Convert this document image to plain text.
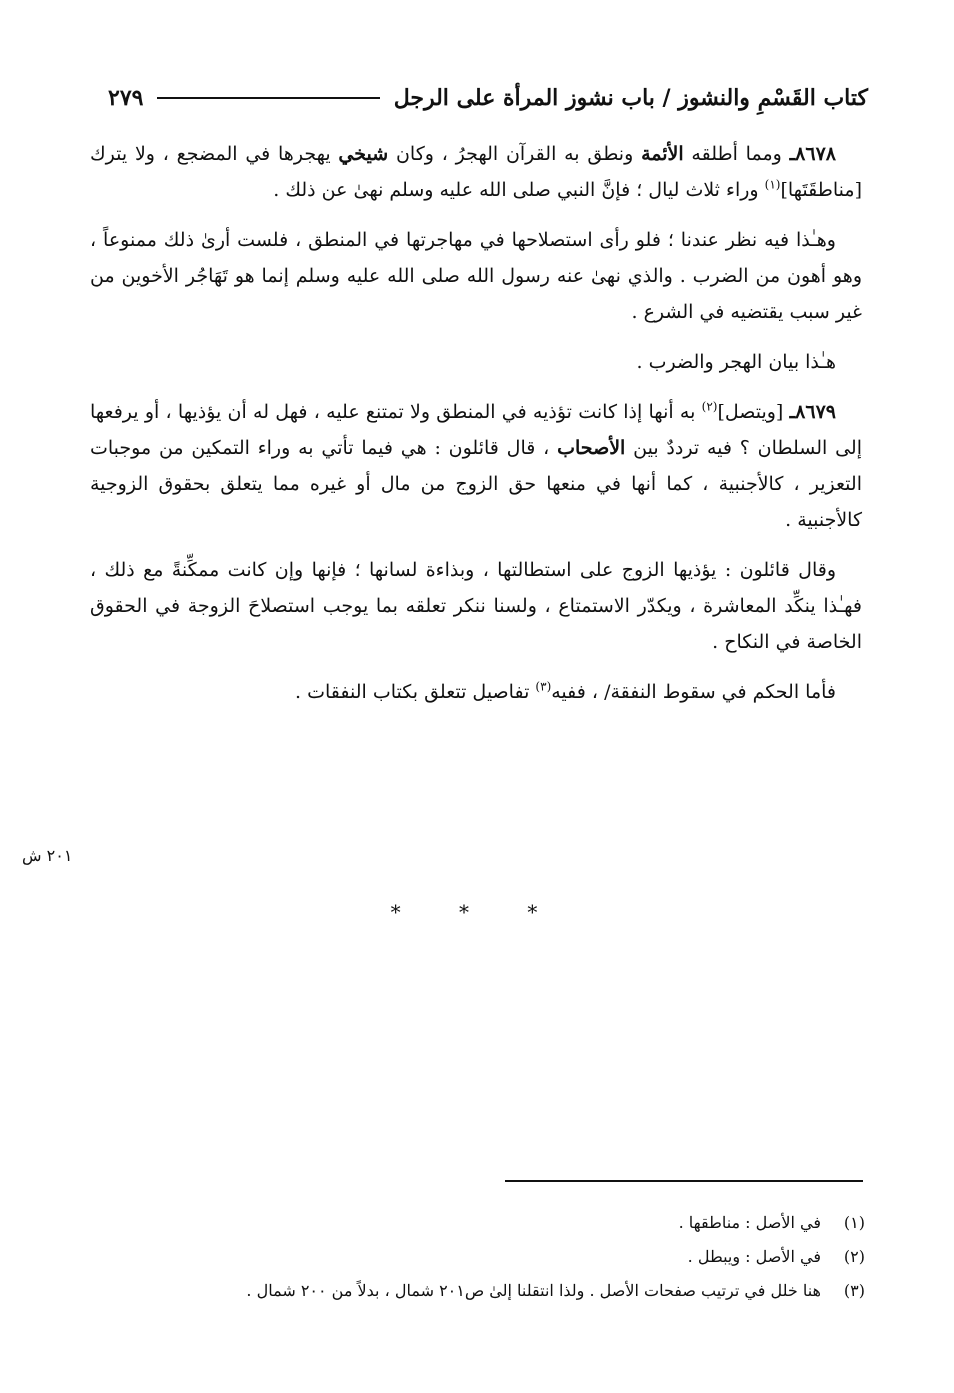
كتاب القَسْمِ والنشوز / باب نشوز المرأة على الرجل
٢٧٩

٨٦٧٨ـ ومما أطلقه الأئمة ونطق به القرآن الهجرُ ، وكان شيخي يهجرها في المضجع ، ولا يترك [مناطقَتَها]$^{(١)}$ وراء ثلاث ليال ؛ فإنَّ النبي صلى الله عليه وسلم نهىٰ عن ذلك .

وهـٰذا فيه نظر عندنا ؛ فلو رأى استصلاحها في مهاجرتها في المنطق ، فلست أرىٰ ذلك ممنوعاً ، وهو أهون من الضرب . والذي نهىٰ عنه رسول الله صلى الله عليه وسلم إنما هو تَهَاجُر الأخوين من غير سبب يقتضيه في الشرع .

هـٰذا بيان الهجر والضرب .

٨٦٧٩ـ [ويتصل]$^{(٢)}$ به أنها إذا كانت تؤذيه في المنطق ولا تمتنع عليه ، فهل له أن يؤذيها ، أو يرفعها إلى السلطان ؟ فيه ترددٌ بين الأصحاب ، قال قائلون : هي فيما تأتي به وراء التمكين من موجبات التعزير ، كالأجنبية ، كما أنها في منعها حق الزوج من مال أو غيره مما يتعلق بحقوق الزوجية كالأجنبية .

وقال قائلون : يؤذيها الزوج على استطالتها ، وبذاءة لسانها ؛ فإنها وإن كانت ممكِّنةً مع ذلك ، فهـٰذا ينكِّد المعاشرة ، ويكدّر الاستمتاع ، ولسنا ننكر تعلقه بما يوجب استصلاحَ الزوجة في الحقوق الخاصة في النكاح .

فأما الحكم في سقوط النفقة/ ، ففيه$^{(٣)}$ تفاصيل تتعلق بكتاب النفقات .

٢٠١ ش
* * *
(١)
في الأصل : مناطقها .
(٢)
في الأصل : ويبطل .
(٣)
هنا خلل في ترتيب صفحات الأصل . ولذا انتقلنا إلىٰ ص٢٠١ شمال ، بدلاً من ٢٠٠ شمال .
